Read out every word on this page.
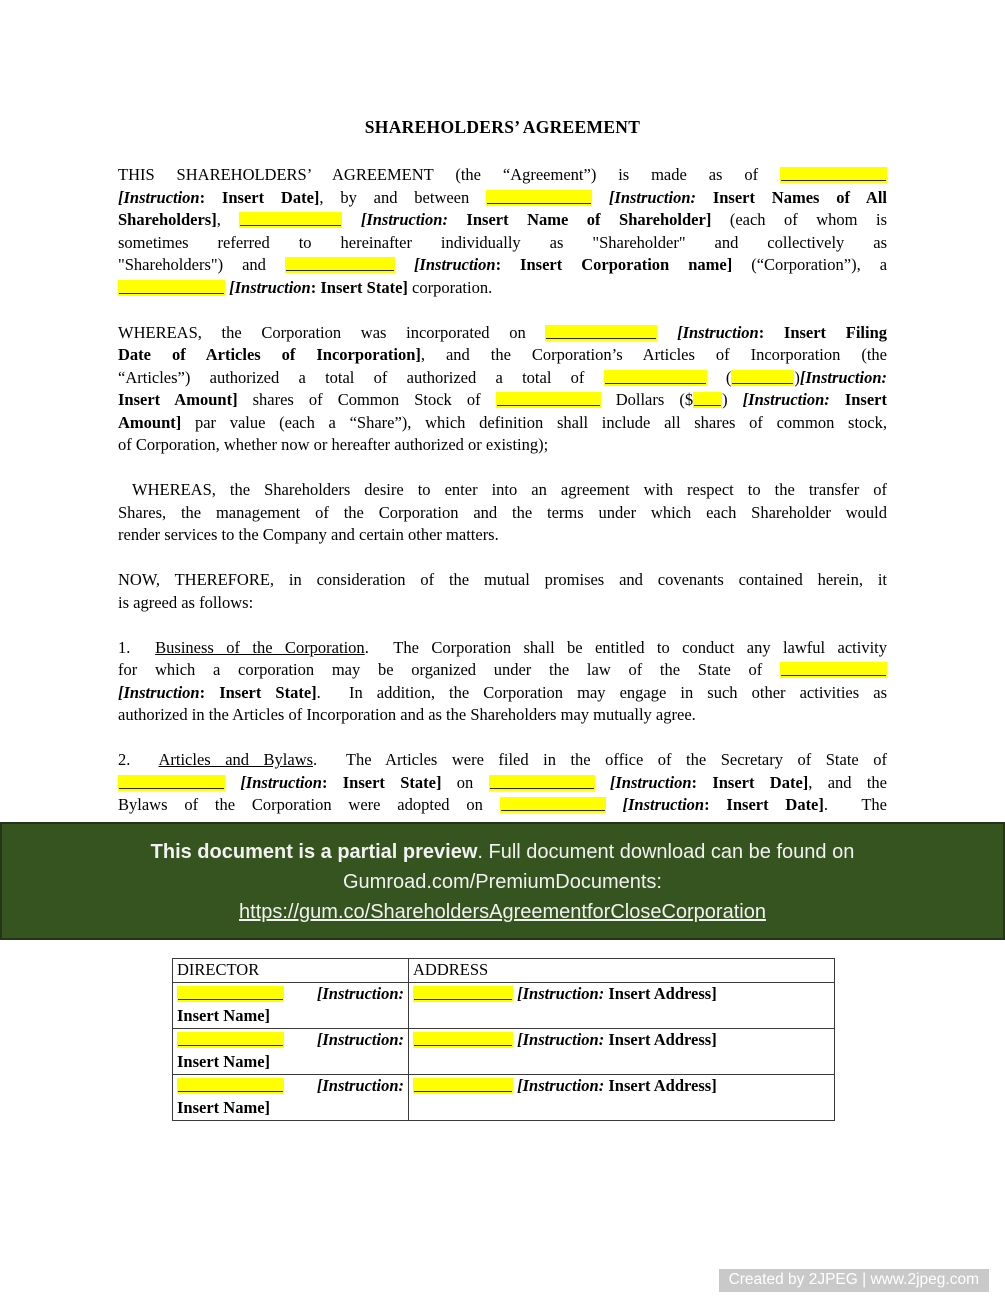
SHAREHOLDERS’ AGREEMENT
THIS SHAREHOLDERS’ AGREEMENT (the “Agreement”) is made as of
[Instruction: Insert Date], by and between	[Instruction: Insert Names of All
Shareholders],	[Instruction: Insert Name of Shareholder] (each of whom is
sometimes referred to hereinafter individually as "Shareholder" and collectively as
"Shareholders") and	[Instruction: Insert Corporation name] (“Corporation”), a
[Instruction: Insert State] corporation.
WHEREAS, the Corporation was incorporated on	[Instruction: Insert Filing
Date of Articles of Incorporation], and the Corporation’s Articles of Incorporation (the
“Articles”) authorized a total of authorized a total of	(	)[Instruction:
Insert Amount] shares of Common Stock of	Dollars ($ ) [Instruction: Insert
Amount] par value (each a “Share”), which definition shall include all shares of common stock,
of Corporation, whether now or hereafter authorized or existing);
WHEREAS, the Shareholders desire to enter into an agreement with respect to the transfer of
Shares, the management of the Corporation and the terms under which each Shareholder would
render services to the Company and certain other matters.
NOW, THEREFORE, in consideration of the mutual promises and covenants contained herein, it
is agreed as follows:
1.  Business of the Corporation.  The Corporation shall be entitled to conduct any lawful activity
for which a corporation may be organized under the law of the State of
[Instruction: Insert State].  In addition, the Corporation may engage in such other activities as
authorized in the Articles of Incorporation and as the Shareholders may mutually agree.
2.  Articles and Bylaws.  The Articles were filed in the office of the Secretary of State of
[Instruction: Insert State] on	[Instruction: Insert Date], and the
Bylaws of the Corporation were adopted on	[Instruction: Insert Date].  The
This document is a partial preview. Full document download can be found on Gumroad.com/PremiumDocuments:
https://gum.co/ShareholdersAgreementforCloseCorporation
DIRECTOR	ADDRESS

[Instruction: Insert Name]	[Instruction: Insert Address]

[Instruction: Insert Name]	[Instruction: Insert Address]

[Instruction: Insert Name]	[Instruction: Insert Address]
Created by 2JPEG | www.2jpeg.com
